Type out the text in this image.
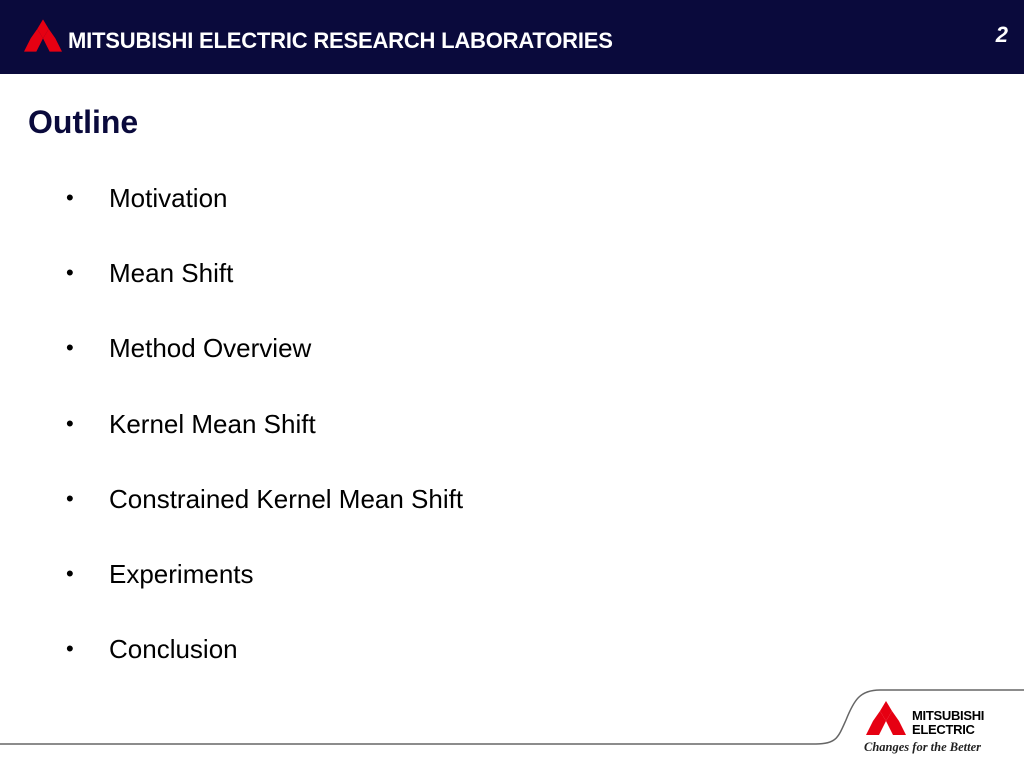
MITSUBISHI ELECTRIC RESEARCH LABORATORIES	2
Outline
•	Motivation
•	Mean Shift
•	Method Overview
•	Kernel Mean Shift
•	Constrained Kernel Mean Shift
•	Experiments
•	Conclusion
MITSUBISHI
ELECTRIC
Changes for the Better
